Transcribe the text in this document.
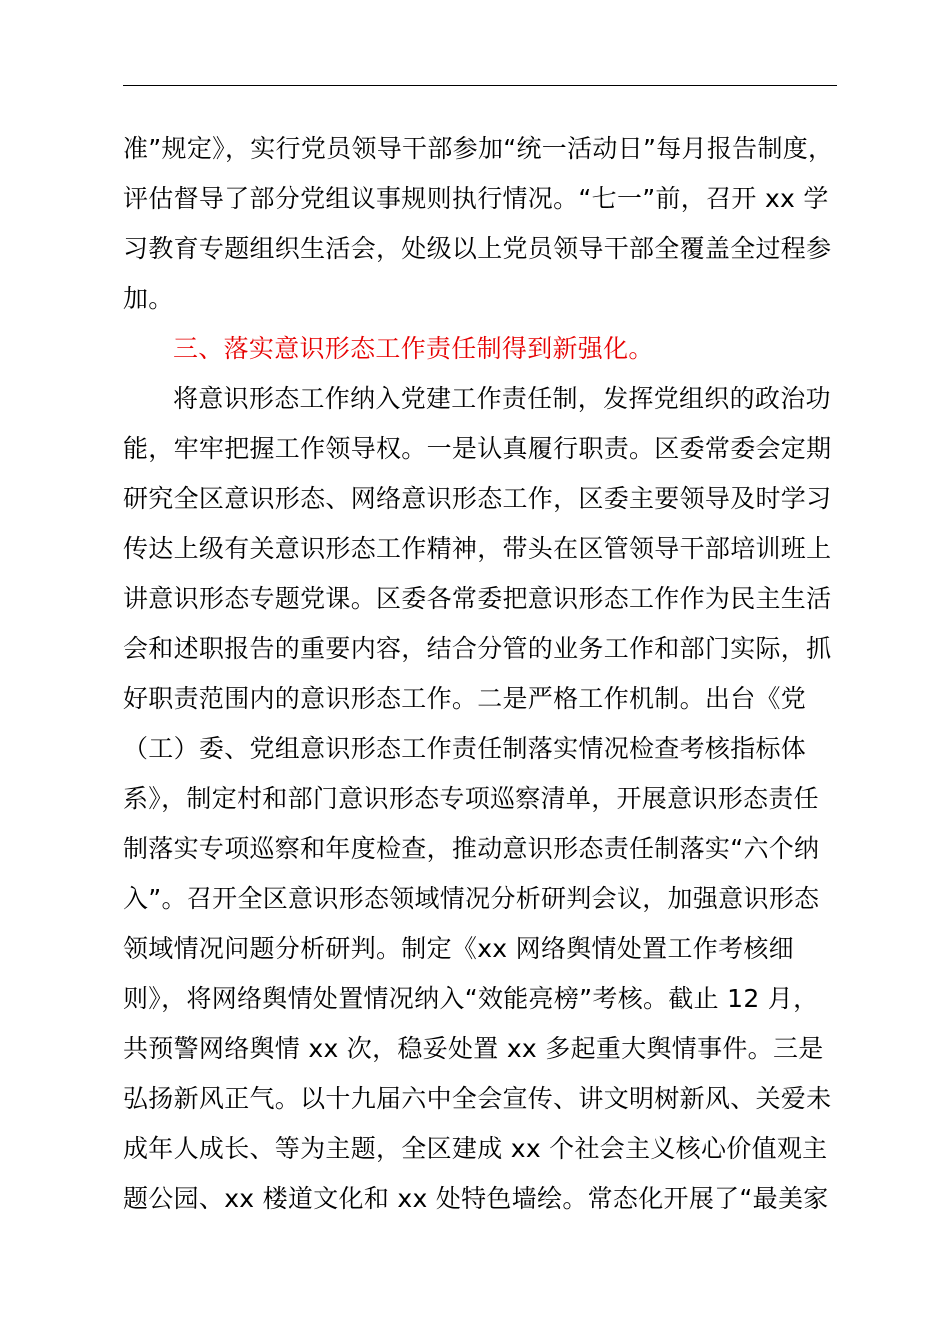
准”规定》，实行党员领导干部参加“统一活动日”每月报告制度，
评估督导了部分党组议事规则执行情况。“七一”前，召开 xx 学
习教育专题组织生活会，处级以上党员领导干部全覆盖全过程参
加。
三、落实意识形态工作责任制得到新强化。
将意识形态工作纳入党建工作责任制，发挥党组织的政治功
能，牢牢把握工作领导权。一是认真履行职责。区委常委会定期
研究全区意识形态、网络意识形态工作，区委主要领导及时学习
传达上级有关意识形态工作精神，带头在区管领导干部培训班上
讲意识形态专题党课。区委各常委把意识形态工作作为民主生活
会和述职报告的重要内容，结合分管的业务工作和部门实际，抓
好职责范围内的意识形态工作。二是严格工作机制。出台《党
（工）委、党组意识形态工作责任制落实情况检查考核指标体
系》，制定村和部门意识形态专项巡察清单，开展意识形态责任
制落实专项巡察和年度检查，推动意识形态责任制落实“六个纳
入”。召开全区意识形态领域情况分析研判会议，加强意识形态
领域情况问题分析研判。制定《xx 网络舆情处置工作考核细
则》，将网络舆情处置情况纳入“效能亮榜”考核。截止 12 月，
共预警网络舆情 xx 次，稳妥处置 xx 多起重大舆情事件。三是
弘扬新风正气。以十九届六中全会宣传、讲文明树新风、关爱未
成年人成长、等为主题，全区建成 xx 个社会主义核心价值观主
题公园、xx 楼道文化和 xx 处特色墙绘。常态化开展了“最美家
